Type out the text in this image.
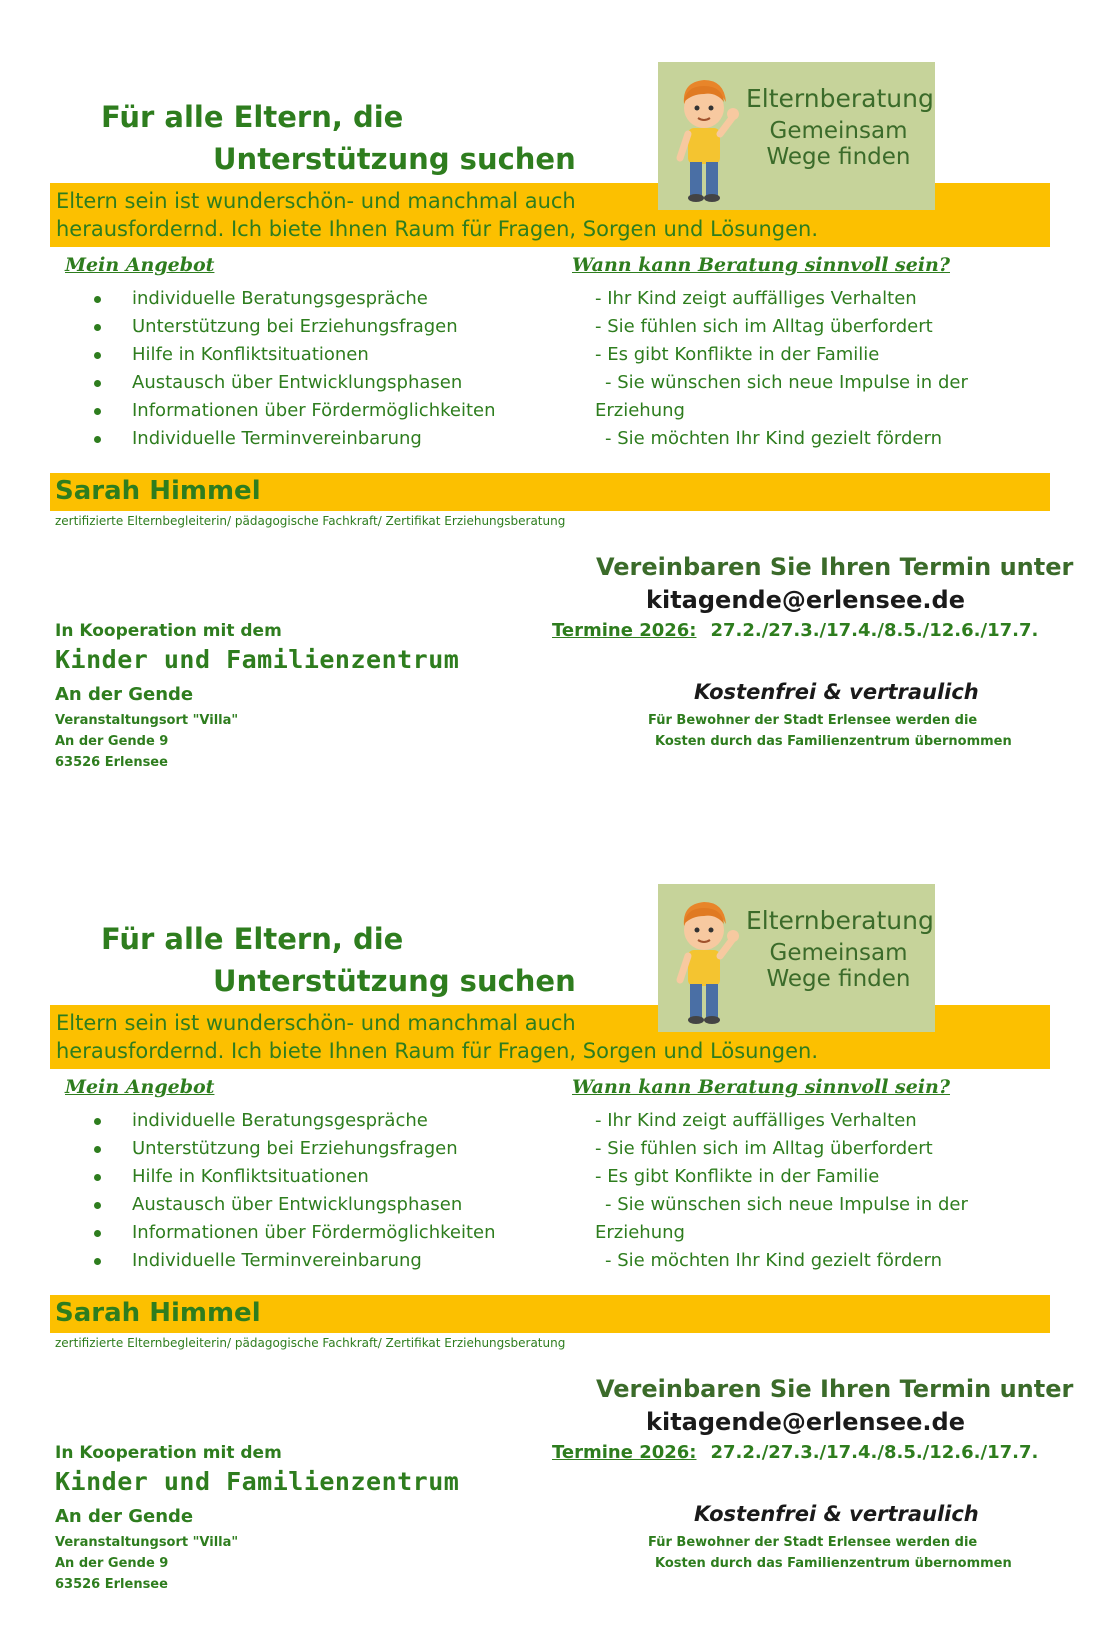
Für alle Eltern, die
Unterstützung suchen
Eltern sein ist wunderschön- und manchmal auch
herausfordernd. Ich biete Ihnen Raum für Fragen, Sorgen und Lösungen.
Elternberatung
Gemeinsam
Wege finden
Mein Angebot	Wann kann Beratung sinnvoll sein?
individuelle Beratungsgespräche
Unterstützung bei Erziehungsfragen
Hilfe in Konfliktsituationen
Austausch über Entwicklungsphasen
Informationen über Fördermöglichkeiten
Individuelle Terminvereinbarung
- Ihr Kind zeigt auffälliges Verhalten
- Sie fühlen sich im Alltag überfordert
- Es gibt Konflikte in der Familie
- Sie wünschen sich neue Impulse in der
Erziehung
- Sie möchten Ihr Kind gezielt fördern
Sarah Himmel
zertifizierte Elternbegleiterin/ pädagogische Fachkraft/ Zertifikat Erziehungsberatung
Vereinbaren Sie Ihren Termin unter
kitagende@erlensee.de
Termine 2026: 27.2./27.3./17.4./8.5./12.6./17.7.
In Kooperation mit dem
Kinder und Familienzentrum
An der Gende
Veranstaltungsort "Villa"
An der Gende 9
63526 Erlensee
Kostenfrei & vertraulich
Für Bewohner der Stadt Erlensee werden die
Kosten durch das Familienzentrum übernommen
Für alle Eltern, die
Unterstützung suchen
Eltern sein ist wunderschön- und manchmal auch
herausfordernd. Ich biete Ihnen Raum für Fragen, Sorgen und Lösungen.
Elternberatung
Gemeinsam
Wege finden
Mein Angebot	Wann kann Beratung sinnvoll sein?
individuelle Beratungsgespräche
Unterstützung bei Erziehungsfragen
Hilfe in Konfliktsituationen
Austausch über Entwicklungsphasen
Informationen über Fördermöglichkeiten
Individuelle Terminvereinbarung
- Ihr Kind zeigt auffälliges Verhalten
- Sie fühlen sich im Alltag überfordert
- Es gibt Konflikte in der Familie
- Sie wünschen sich neue Impulse in der
Erziehung
- Sie möchten Ihr Kind gezielt fördern
Sarah Himmel
zertifizierte Elternbegleiterin/ pädagogische Fachkraft/ Zertifikat Erziehungsberatung
Vereinbaren Sie Ihren Termin unter
kitagende@erlensee.de
Termine 2026: 27.2./27.3./17.4./8.5./12.6./17.7.
In Kooperation mit dem
Kinder und Familienzentrum
An der Gende
Veranstaltungsort "Villa"
An der Gende 9
63526 Erlensee
Kostenfrei & vertraulich
Für Bewohner der Stadt Erlensee werden die
Kosten durch das Familienzentrum übernommen
